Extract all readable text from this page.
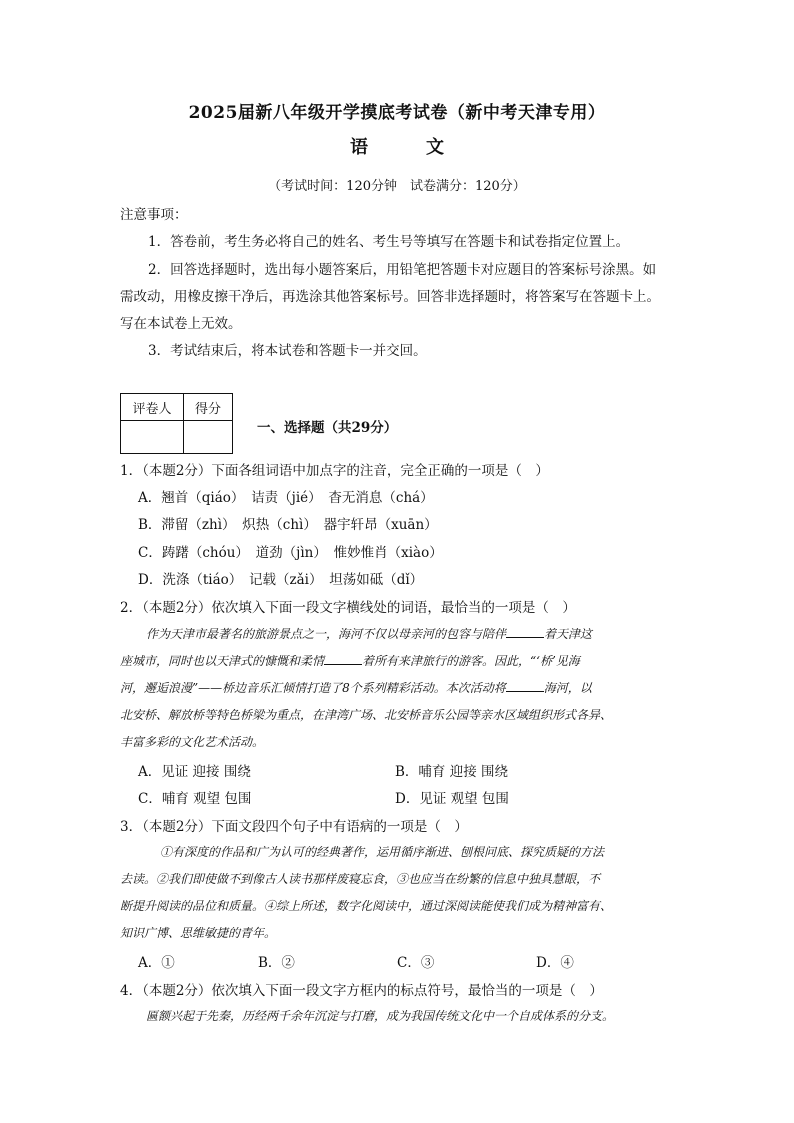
2025届新八年级开学摸底考试卷（新中考天津专用）
语	文
（考试时间：120分钟　试卷满分：120分）
注意事项：
1．答卷前，考生务必将自己的姓名、考生号等填写在答题卡和试卷指定位置上。
2．回答选择题时，选出每小题答案后，用铅笔把答题卡对应题目的答案标号涂黑。如
需改动，用橡皮擦干净后，再选涂其他答案标号。回答非选择题时，将答案写在答题卡上。
写在本试卷上无效。
3．考试结束后，将本试卷和答题卡一并交回。
评卷人	得分

一、选择题（共29分）
1．（本题2分）下面各组词语中加点字的注音，完全正确的一项是（　）
A．翘首（qiáo）　诘责（jié）　杳无消息（chá）
B．滞留（zhì）　炽热（chì）　器宇轩昂（xuān）
C．踌躇（chóu）　道劲（jìn）　惟妙惟肖（xiào）
D．洗涤（tiáo）　记载（zǎi）　坦荡如砥（dǐ）
2．（本题2分）依次填入下面一段文字横线处的词语，最恰当的一项是（　）
作为天津市最著名的旅游景点之一，海河不仅以母亲河的包容与陪伴	着天津这
座城市，同时也以天津式的慷慨和柔情	着所有来津旅行的游客。因此，“‘桥’见海
河，邂逅浪漫”——桥边音乐汇倾情打造了8个系列精彩活动。本次活动将	海河，以
北安桥、解放桥等特色桥梁为重点，在津湾广场、北安桥音乐公园等亲水区域组织形式各异、
丰富多彩的文化艺术活动。
A．见证 迎接 围绕	B．哺育 迎接 围绕
C．哺育 观望 包围	D．见证 观望 包围
3．（本题2分）下面文段四个句子中有语病的一项是（　）
①有深度的作品和广为认可的经典著作，运用循序渐进、刨根问底、探究质疑的方法
去读。②我们即使做不到像古人读书那样废寝忘食，③也应当在纷繁的信息中独具慧眼，不
断提升阅读的品位和质量。④综上所述，数字化阅读中，通过深阅读能使我们成为精神富有、
知识广博、思维敏捷的青年。
A．①	B．②	C．③	D．④
4．（本题2分）依次填入下面一段文字方框内的标点符号，最恰当的一项是（　）
匾额兴起于先秦，历经两千余年沉淀与打磨，成为我国传统文化中一个自成体系的分支。
